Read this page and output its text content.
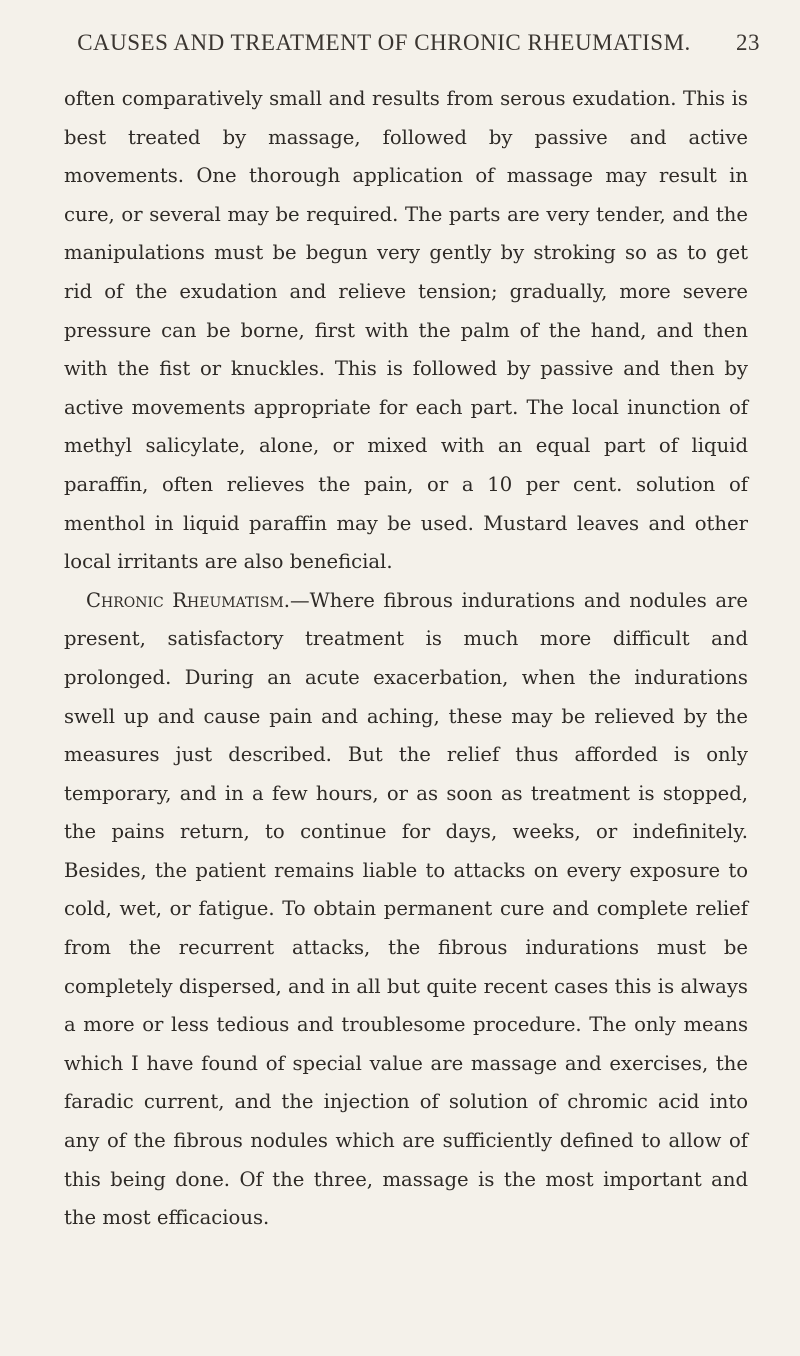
CAUSES AND TREATMENT OF CHRONIC RHEUMATISM.	23

often comparatively small and results from serous exudation. This is best treated by massage, followed by passive and active movements. One thorough application of massage may result in cure, or several may be required. The parts are very tender, and the manipulations must be begun very gently by stroking so as to get rid of the exudation and relieve tension; gradually, more severe pressure can be borne, first with the palm of the hand, and then with the fist or knuckles. This is followed by passive and then by active movements appropriate for each part. The local inunction of methyl salicylate, alone, or mixed with an equal part of liquid paraffin, often relieves the pain, or a 10 per cent. solution of menthol in liquid paraffin may be used. Mustard leaves and other local irritants are also beneficial.

Chronic Rheumatism.—Where fibrous indurations and nodules are present, satisfactory treatment is much more difficult and prolonged. During an acute exacerbation, when the indurations swell up and cause pain and aching, these may be relieved by the measures just described. But the relief thus afforded is only temporary, and in a few hours, or as soon as treatment is stopped, the pains return, to continue for days, weeks, or indefinitely. Besides, the patient remains liable to attacks on every exposure to cold, wet, or fatigue. To obtain permanent cure and complete relief from the recurrent attacks, the fibrous indurations must be completely dispersed, and in all but quite recent cases this is always a more or less tedious and troublesome procedure. The only means which I have found of special value are massage and exercises, the faradic current, and the injection of solution of chromic acid into any of the fibrous nodules which are sufficiently defined to allow of this being done. Of the three, massage is the most important and the most efficacious.
